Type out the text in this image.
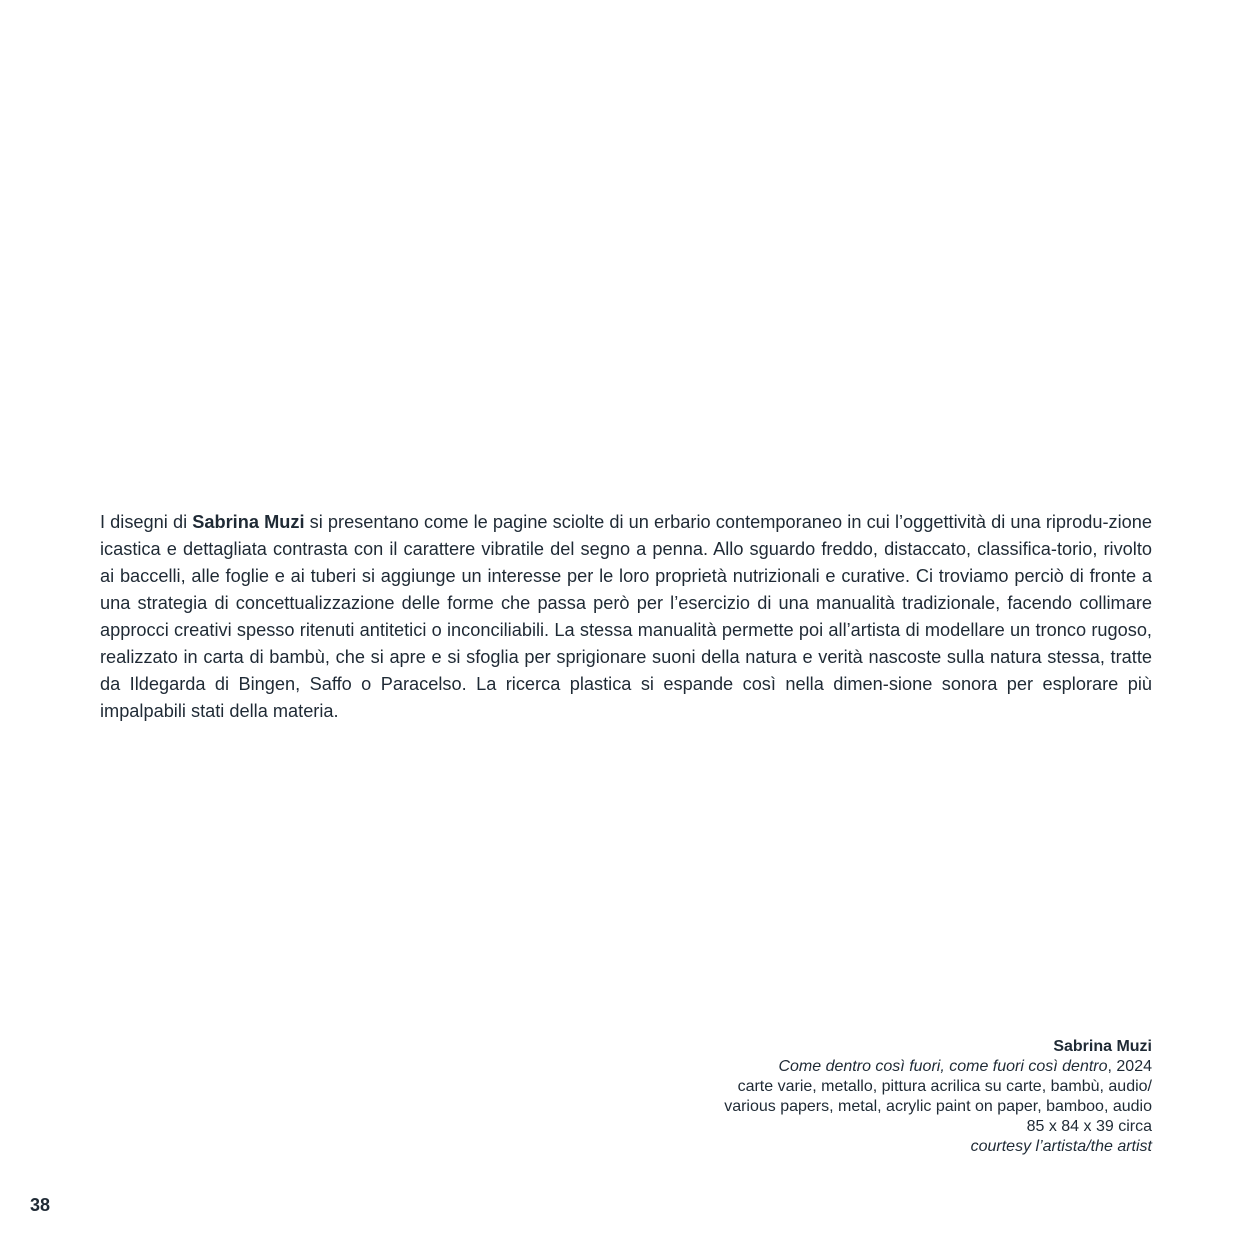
I disegni di Sabrina Muzi si presentano come le pagine sciolte di un erbario contemporaneo in cui l’oggettività di una riprodu-zione icastica e dettagliata contrasta con il carattere vibratile del segno a penna. Allo sguardo freddo, distaccato, classifica-torio, rivolto ai baccelli, alle foglie e ai tuberi si aggiunge un interesse per le loro proprietà nutrizionali e curative. Ci troviamo perciò di fronte a una strategia di concettualizzazione delle forme che passa però per l’esercizio di una manualità tradizionale, facendo collimare approcci creativi spesso ritenuti antitetici o inconciliabili. La stessa manualità permette poi all’artista di modellare un tronco rugoso, realizzato in carta di bambù, che si apre e si sfoglia per sprigionare suoni della natura e verità nascoste sulla natura stessa, tratte da Ildegarda di Bingen, Saffo o Paracelso. La ricerca plastica si espande così nella dimen-sione sonora per esplorare più impalpabili stati della materia.

Sabrina Muzi
Come dentro così fuori, come fuori così dentro, 2024
carte varie, metallo, pittura acrilica su carte, bambù, audio/
various papers, metal, acrylic paint on paper, bamboo, audio
85 x 84 x 39 circa
courtesy l’artista/the artist
38
